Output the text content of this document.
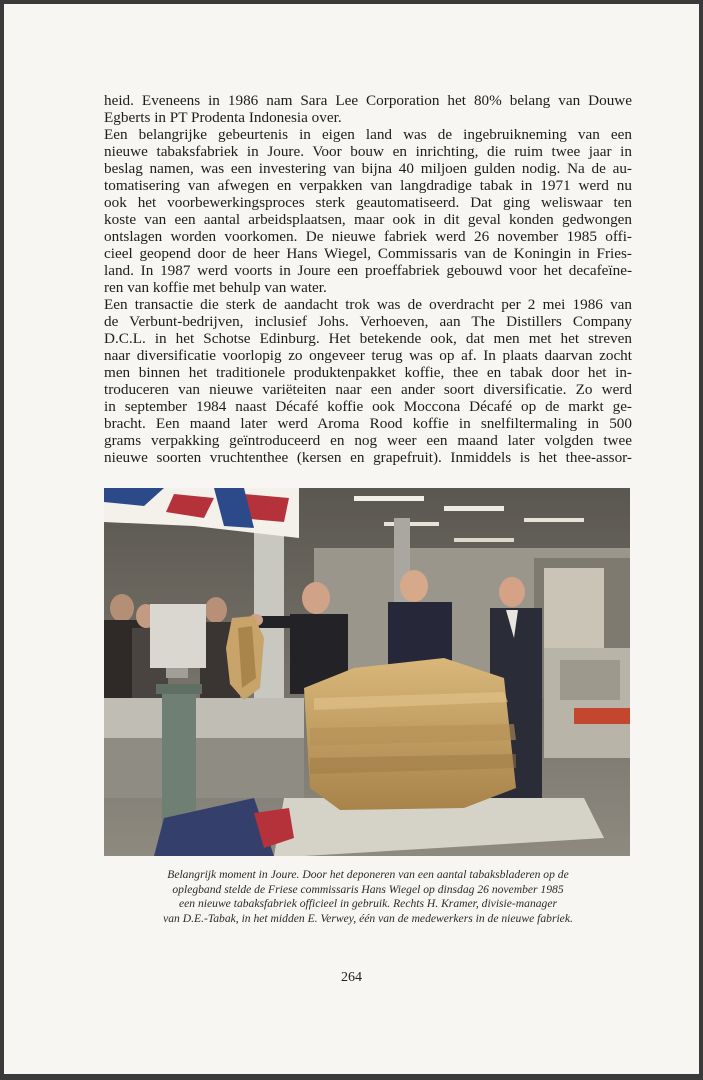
heid. Eveneens in 1986 nam Sara Lee Corporation het 80% belang van Douwe
Egberts in PT Prodenta Indonesia over.
Een belangrijke gebeurtenis in eigen land was de ingebruikneming van een
nieuwe tabaksfabriek in Joure. Voor bouw en inrichting, die ruim twee jaar in
beslag namen, was een investering van bijna 40 miljoen gulden nodig. Na de au-
tomatisering van afwegen en verpakken van langdradige tabak in 1971 werd nu
ook het voorbewerkingsproces sterk geautomatiseerd. Dat ging weliswaar ten
koste van een aantal arbeidsplaatsen, maar ook in dit geval konden gedwongen
ontslagen worden voorkomen. De nieuwe fabriek werd 26 november 1985 offi-
cieel geopend door de heer Hans Wiegel, Commissaris van de Koningin in Fries-
land. In 1987 werd voorts in Joure een proeffabriek gebouwd voor het decafeïne-
ren van koffie met behulp van water.
Een transactie die sterk de aandacht trok was de overdracht per 2 mei 1986 van
de Verbunt-bedrijven, inclusief Johs. Verhoeven, aan The Distillers Company
D.C.L. in het Schotse Edinburg. Het betekende ook, dat men met het streven
naar diversificatie voorlopig zo ongeveer terug was op af. In plaats daarvan zocht
men binnen het traditionele produktenpakket koffie, thee en tabak door het in-
troduceren van nieuwe variëteiten naar een ander soort diversificatie. Zo werd
in september 1984 naast Décafé koffie ook Moccona Décafé op de markt ge-
bracht. Een maand later werd Aroma Rood koffie in snelfiltermaling in 500
grams verpakking geïntroduceerd en nog weer een maand later volgden twee
nieuwe soorten vruchtenthee (kersen en grapefruit). Inmiddels is het thee-assor-

Belangrijk moment in Joure. Door het deponeren van een aantal tabaksbladeren op de
oplegband stelde de Friese commissaris Hans Wiegel op dinsdag 26 november 1985
een nieuwe tabaksfabriek officieel in gebruik. Rechts H. Kramer, divisie-manager
van D.E.-Tabak, in het midden E. Verwey, één van de medewerkers in de nieuwe fabriek.
264
